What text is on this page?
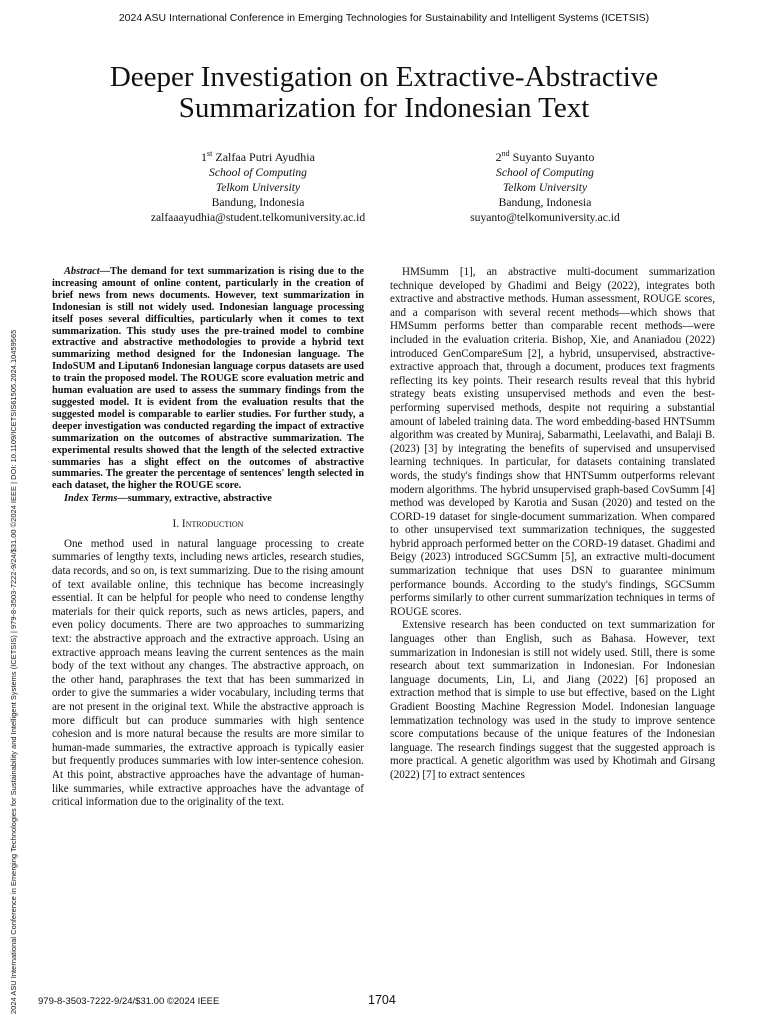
2024 ASU International Conference in Emerging Technologies for Sustainability and Intelligent Systems (ICETSIS)
Deeper Investigation on Extractive-Abstractive
Summarization for Indonesian Text
1st Zalfaa Putri Ayudhia
School of Computing
Telkom University
Bandung, Indonesia
zalfaaayudhia@student.telkomuniversity.ac.id
2nd Suyanto Suyanto
School of Computing
Telkom University
Bandung, Indonesia
suyanto@telkomuniversity.ac.id
2024 ASU International Conference in Emerging Technologies for Sustainability and Intelligent Systems (ICETSIS) | 979-8-3503-7222-9/24/$31.00 ©2024 IEEE | DOI: 10.1109/ICETSIS61505.2024.10459565

Abstract—The demand for text summarization is rising due to the increasing amount of online content, particularly in the creation of brief news from news documents. However, text summarization in Indonesian is still not widely used. Indonesian language processing itself poses several difficulties, particularly when it comes to text summarization. This study uses the pre-trained model to combine extractive and abstractive methodologies to provide a hybrid text summarizing method designed for the Indonesian language. The IndoSUM and Liputan6 Indonesian language corpus datasets are used to train the proposed model. The ROUGE score evaluation metric and human evaluation are used to assess the summary findings from the suggested model. It is evident from the evaluation results that the suggested model is comparable to earlier studies. For further study, a deeper investigation was conducted regarding the impact of extractive summarization on the outcomes of abstractive summarization. The experimental results showed that the length of the selected extractive summaries has a slight effect on the outcomes of abstractive summaries. The greater the percentage of sentences' length selected in each dataset, the higher the ROUGE score.

Index Terms—summary, extractive, abstractive

I. Introduction

One method used in natural language processing to create summaries of lengthy texts, including news articles, research studies, data records, and so on, is text summarizing. Due to the rising amount of text available online, this technique has become increasingly essential. It can be helpful for people who need to condense lengthy materials for their quick reports, such as news articles, papers, and even policy documents. There are two approaches to summarizing text: the abstractive approach and the extractive approach. Using an extractive approach means leaving the current sentences as the main body of the text without any changes. The abstractive approach, on the other hand, paraphrases the text that has been summarized in order to give the summaries a wider vocabulary, including terms that are not present in the original text. While the abstractive approach is more difficult but can produce summaries with high sentence cohesion and is more natural because the results are more similar to human-made summaries, the extractive approach is typically easier but frequently produces summaries with low inter-sentence cohesion. At this point, abstractive approaches have the advantage of human-like summaries, while extractive approaches have the advantage of critical information due to the originality of the text.

HMSumm [1], an abstractive multi-document summarization technique developed by Ghadimi and Beigy (2022), integrates both extractive and abstractive methods. Human assessment, ROUGE scores, and a comparison with several recent methods—which shows that HMSumm performs better than comparable recent methods—were included in the evaluation criteria. Bishop, Xie, and Ananiadou (2022) introduced GenCompareSum [2], a hybrid, unsupervised, abstractive-extractive approach that, through a document, produces text fragments reflecting its key points. Their research results reveal that this hybrid strategy beats existing unsupervised methods and even the best-performing supervised methods, despite not requiring a substantial amount of labeled training data. The word embedding-based HNTSumm algorithm was created by Muniraj, Sabarmathi, Leelavathi, and Balaji B. (2023) [3] by integrating the benefits of supervised and unsupervised learning techniques. In particular, for datasets containing translated words, the study's findings show that HNTSumm outperforms relevant modern algorithms. The hybrid unsupervised graph-based CovSumm [4] method was developed by Karotia and Susan (2020) and tested on the CORD-19 dataset for single-document summarization. When compared to other unsupervised text summarization techniques, the suggested hybrid approach performed better on the CORD-19 dataset. Ghadimi and Beigy (2023) introduced SGCSumm [5], an extractive multi-document summarization technique that uses DSN to guarantee minimum performance bounds. According to the study's findings, SGCSumm performs similarly to other current summarization techniques in terms of ROUGE scores.

Extensive research has been conducted on text summarization for languages other than English, such as Bahasa. However, text summarization in Indonesian is still not widely used. Still, there is some research about text summarization in Indonesian. For Indonesian language documents, Lin, Li, and Jiang (2022) [6] proposed an extraction method that is simple to use but effective, based on the Light Gradient Boosting Machine Regression Model. Indonesian language lemmatization technology was used in the study to improve sentence score computations because of the unique features of the Indonesian language. The research findings suggest that the suggested approach is more practical. A genetic algorithm was used by Khotimah and Girsang (2022) [7] to extract sentences

979-8-3503-7222-9/24/$31.00 ©2024 IEEE	1704
